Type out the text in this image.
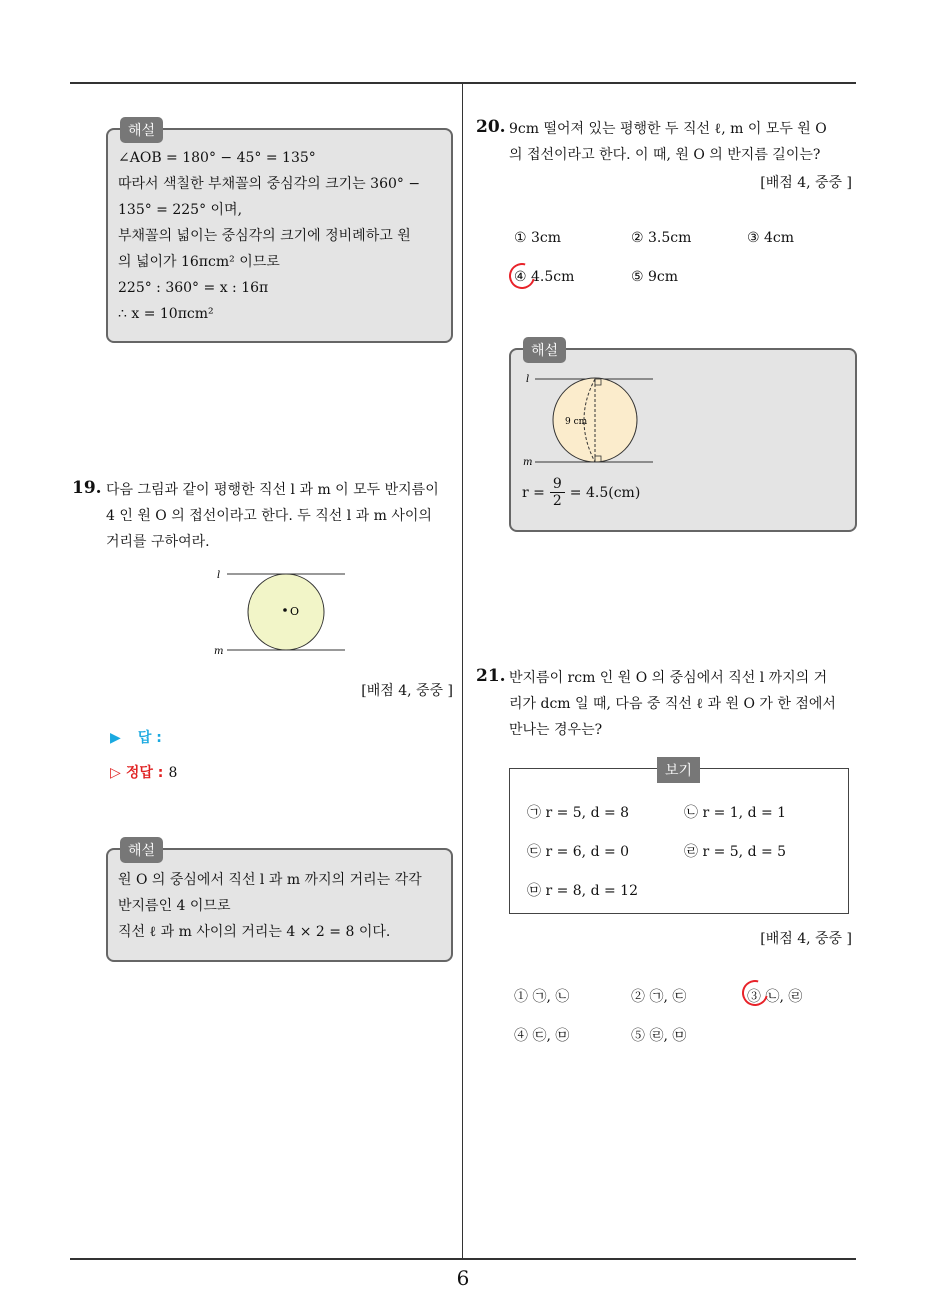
6
해설
∠AOB = 180° − 45° = 135°
따라서 색칠한 부채꼴의 중심각의 크기는 360° −
135° = 225° 이며,
부채꼴의 넓이는 중심각의 크기에 정비례하고 원
의 넓이가 16πcm² 이므로
225° : 360° = x : 16π
∴ x = 10πcm²
19. 다음 그림과 같이 평행한 직선 l 과 m 이 모두 반지름이
4 인 원 O 의 접선이라고 한다. 두 직선 l 과 m 사이의
거리를 구하여라.
l
m
O
[배점 4, 중중 ]
▶ 답 :
▷ 정답 : 8
해설
원 O 의 중심에서 직선 l 과 m 까지의 거리는 각각
반지름인 4 이므로
직선 ℓ 과 m 사이의 거리는 4 × 2 = 8 이다.
20. 9cm 떨어져 있는 평행한 두 직선 ℓ, m 이 모두 원 O
의 접선이라고 한다. 이 때, 원 O 의 반지름 길이는?
[배점 4, 중중 ]
① 3cm	② 3.5cm	③ 4cm
④ 4.5cm	⑤ 9cm
해설
l
m
9 cm
$r = \frac{9}{2} = 4.5(cm)$
21. 반지름이 rcm 인 원 O 의 중심에서 직선 l 까지의 거
리가 dcm 일 때, 다음 중 직선 ℓ 과 원 O 가 한 점에서
만나는 경우는?
보기
㉠ r = 5, d = 8	㉡ r = 1, d = 1
㉢ r = 6, d = 0	㉣ r = 5, d = 5
㉤ r = 8, d = 12
[배점 4, 중중 ]
① ㉠, ㉡	② ㉠, ㉢	③ ㉡, ㉣
④ ㉢, ㉤	⑤ ㉣, ㉤
